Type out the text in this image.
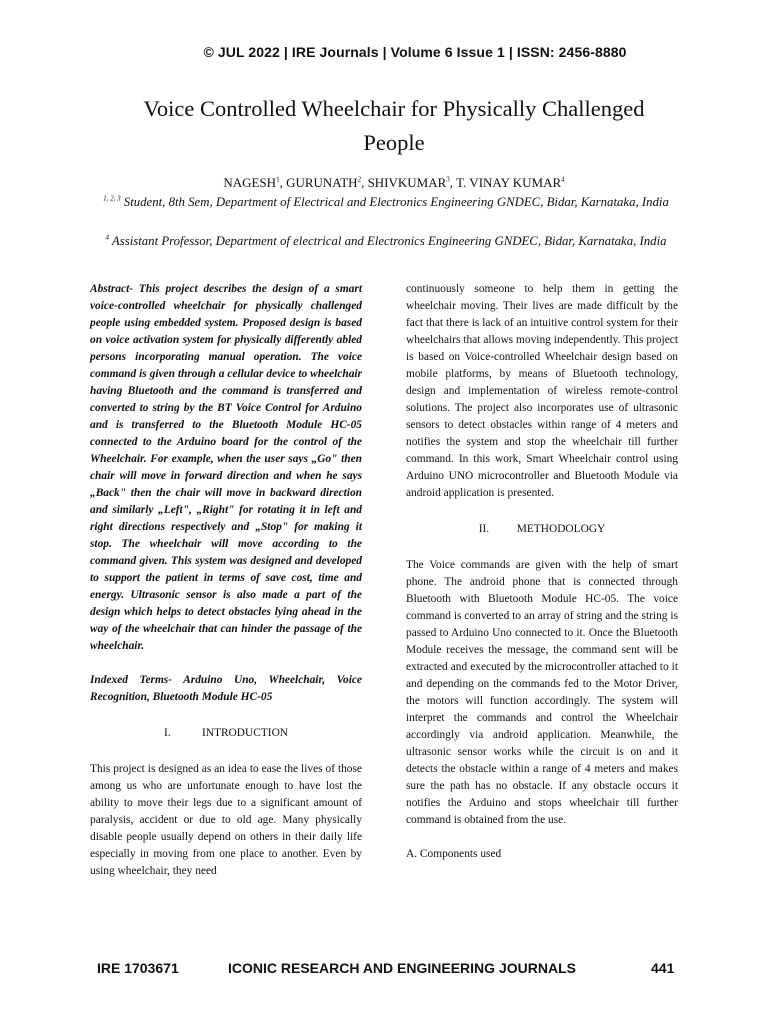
© JUL 2022 | IRE Journals | Volume 6 Issue 1 | ISSN: 2456-8880
Voice Controlled Wheelchair for Physically Challenged
People
NAGESH$^1$, GURUNATH$^2$, SHIVKUMAR$^3$, T. VINAY KUMAR$^4$
$^{1, 2, 3}$ Student, 8th Sem, Department of Electrical and Electronics Engineering GNDEC, Bidar, Karnataka, India
$^4$ Assistant Professor, Department of electrical and Electronics Engineering GNDEC, Bidar, Karnataka, India

Abstract- This project describes the design of a smart voice-controlled wheelchair for physically challenged people using embedded system. Proposed design is based on voice activation system for physically differently abled persons incorporating manual operation. The voice command is given through a cellular device to wheelchair having Bluetooth and the command is transferred and converted to string by the BT Voice Control for Arduino and is transferred to the Bluetooth Module HC-05 connected to the Arduino board for the control of the Wheelchair. For example, when the user says „Go" then chair will move in forward direction and when he says „Back" then the chair will move in backward direction and similarly „Left", „Right" for rotating it in left and right directions respectively and „Stop" for making it stop. The wheelchair will move according to the command given. This system was designed and developed to support the patient in terms of save cost, time and energy. Ultrasonic sensor is also made a part of the design which helps to detect obstacles lying ahead in the way of the wheelchair that can hinder the passage of the wheelchair.

Indexed Terms- Arduino Uno, Wheelchair, Voice Recognition, Bluetooth Module HC-05

I.	INTRODUCTION

This project is designed as an idea to ease the lives of those among us who are unfortunate enough to have lost the ability to move their legs due to a significant amount of paralysis, accident or due to old age. Many physically disable people usually depend on others in their daily life especially in moving from one place to another. Even by using wheelchair, they need

continuously someone to help them in getting the wheelchair moving. Their lives are made difficult by the fact that there is lack of an intuitive control system for their wheelchairs that allows moving independently. This project is based on Voice-controlled Wheelchair design based on mobile platforms, by means of Bluetooth technology, design and implementation of wireless remote-control solutions. The project also incorporates use of ultrasonic sensors to detect obstacles within range of 4 meters and notifies the system and stop the wheelchair till further command. In this work, Smart Wheelchair control using Arduino UNO microcontroller and Bluetooth Module via android application is presented.

II. METHODOLOGY

The Voice commands are given with the help of smart phone. The android phone that is connected through Bluetooth with Bluetooth Module HC-05. The voice command is converted to an array of string and the string is passed to Arduino Uno connected to it. Once the Bluetooth Module receives the message, the command sent will be extracted and executed by the microcontroller attached to it and depending on the commands fed to the Motor Driver, the motors will function accordingly. The system will interpret the commands and control the Wheelchair accordingly via android application. Meanwhile, the ultrasonic sensor works while the circuit is on and it detects the obstacle within a range of 4 meters and makes sure the path has no obstacle. If any obstacle occurs it notifies the Arduino and stops wheelchair till further command is obtained from the use.

A. Components used

IRE 1703671	ICONIC RESEARCH AND ENGINEERING JOURNALS	441
